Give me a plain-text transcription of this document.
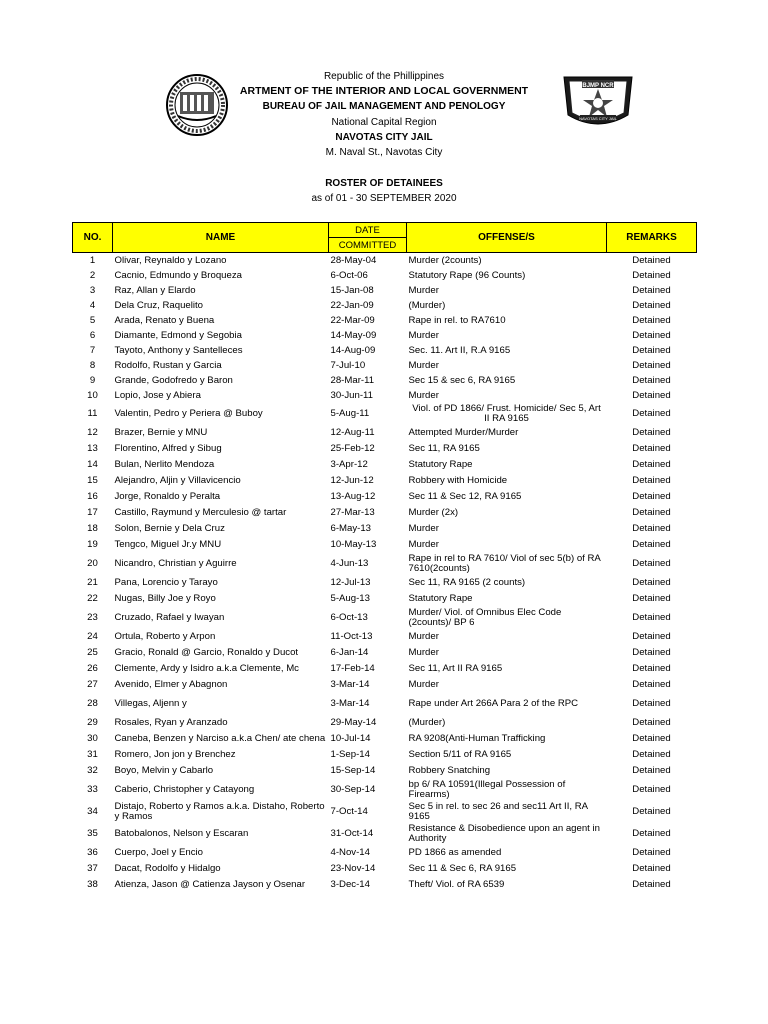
BJMP NCR
NAVOTAS CITY JAIL
Republic of the Phillippines
ARTMENT OF THE INTERIOR AND LOCAL GOVERNMENT
BUREAU OF JAIL MANAGEMENT AND PENOLOGY
National Capital Region
NAVOTAS CITY JAIL
M. Naval St., Navotas City
ROSTER OF DETAINEES
as of 01 - 30 SEPTEMBER 2020
NO.	NAME	DATE	OFFENSE/S	REMARKS
		COMMITTED		
1	Olivar, Reynaldo y Lozano	28-May-04	Murder (2counts)	Detained
2	Cacnio, Edmundo y Broqueza	6-Oct-06	Statutory Rape (96 Counts)	Detained
3	Raz, Allan y Elardo	15-Jan-08	Murder	Detained
4	Dela Cruz, Raquelito	22-Jan-09	(Murder)	Detained
5	Arada, Renato y Buena	22-Mar-09	Rape in rel. to RA7610	Detained
6	Diamante, Edmond y Segobia	14-May-09	Murder	Detained
7	Tayoto, Anthony y Santelleces	14-Aug-09	Sec. 11. Art II, R.A 9165	Detained
8	Rodolfo, Rustan y Garcia	7-Jul-10	Murder	Detained
9	Grande, Godofredo y Baron	28-Mar-11	Sec 15 & sec 6, RA 9165	Detained
10	Lopio, Jose y Abiera	30-Jun-11	Murder	Detained
11	Valentin, Pedro y Periera @ Buboy	5-Aug-11	Viol. of PD 1866/ Frust. Homicide/ Sec 5, Art II RA 9165	Detained
12	Brazer, Bernie y MNU	12-Aug-11	Attempted Murder/Murder	Detained
13	Florentino, Alfred y Sibug	25-Feb-12	Sec 11, RA 9165	Detained
14	Bulan, Nerlito Mendoza	3-Apr-12	Statutory Rape	Detained
15	Alejandro, Aljin y Villavicencio	12-Jun-12	Robbery with Homicide	Detained
16	Jorge, Ronaldo y Peralta	13-Aug-12	Sec 11 & Sec 12, RA 9165	Detained
17	Castillo, Raymund y Merculesio @ tartar	27-Mar-13	Murder (2x)	Detained
18	Solon, Bernie y Dela Cruz	6-May-13	Murder	Detained
19	Tengco, Miguel Jr.y MNU	10-May-13	Murder	Detained
20	Nicandro, Christian y Aguirre	4-Jun-13	Rape in rel to RA 7610/ Viol of sec 5(b) of RA 7610(2counts)	Detained
21	Pana, Lorencio y Tarayo	12-Jul-13	Sec 11, RA 9165 (2 counts)	Detained
22	Nugas, Billy Joe y Royo	5-Aug-13	Statutory Rape	Detained
23	Cruzado, Rafael y Iwayan	6-Oct-13	Murder/ Viol. of Omnibus Elec Code (2counts)/ BP 6	Detained
24	Ortula, Roberto y Arpon	11-Oct-13	Murder	Detained
25	Gracio, Ronald @ Garcio, Ronaldo y Ducot	6-Jan-14	Murder	Detained
26	Clemente, Ardy y Isidro a.k.a Clemente, Mc	17-Feb-14	Sec 11, Art II RA 9165	Detained
27	Avenido, Elmer y Abagnon	3-Mar-14	Murder	Detained
28	Villegas, Aljenn y	3-Mar-14	Rape under Art 266A Para 2 of the RPC	Detained
29	Rosales, Ryan y Aranzado	29-May-14	(Murder)	Detained
30	Caneba, Benzen y Narciso a.k.a Chen/ ate chena	10-Jul-14	RA 9208(Anti-Human Trafficking	Detained
31	Romero, Jon jon y Brenchez	1-Sep-14	Section 5/11 of RA 9165	Detained
32	Boyo, Melvin y Cabarlo	15-Sep-14	Robbery Snatching	Detained
33	Caberio, Christopher y Catayong	30-Sep-14	bp 6/ RA 10591(Illegal Possession of Firearms)	Detained
34	Distajo, Roberto y Ramos a.k.a. Distaho, Roberto y Ramos	7-Oct-14	Sec 5 in rel. to sec 26 and sec11 Art II, RA 9165	Detained
35	Batobalonos, Nelson y Escaran	31-Oct-14	Resistance & Disobedience upon an agent in Authority	Detained
36	Cuerpo, Joel y Encio	4-Nov-14	PD 1866 as amended	Detained
37	Dacat, Rodolfo y Hidalgo	23-Nov-14	Sec 11 & Sec 6, RA 9165	Detained
38	Atienza, Jason @ Catienza Jayson y Osenar	3-Dec-14	Theft/ Viol. of RA 6539	Detained
